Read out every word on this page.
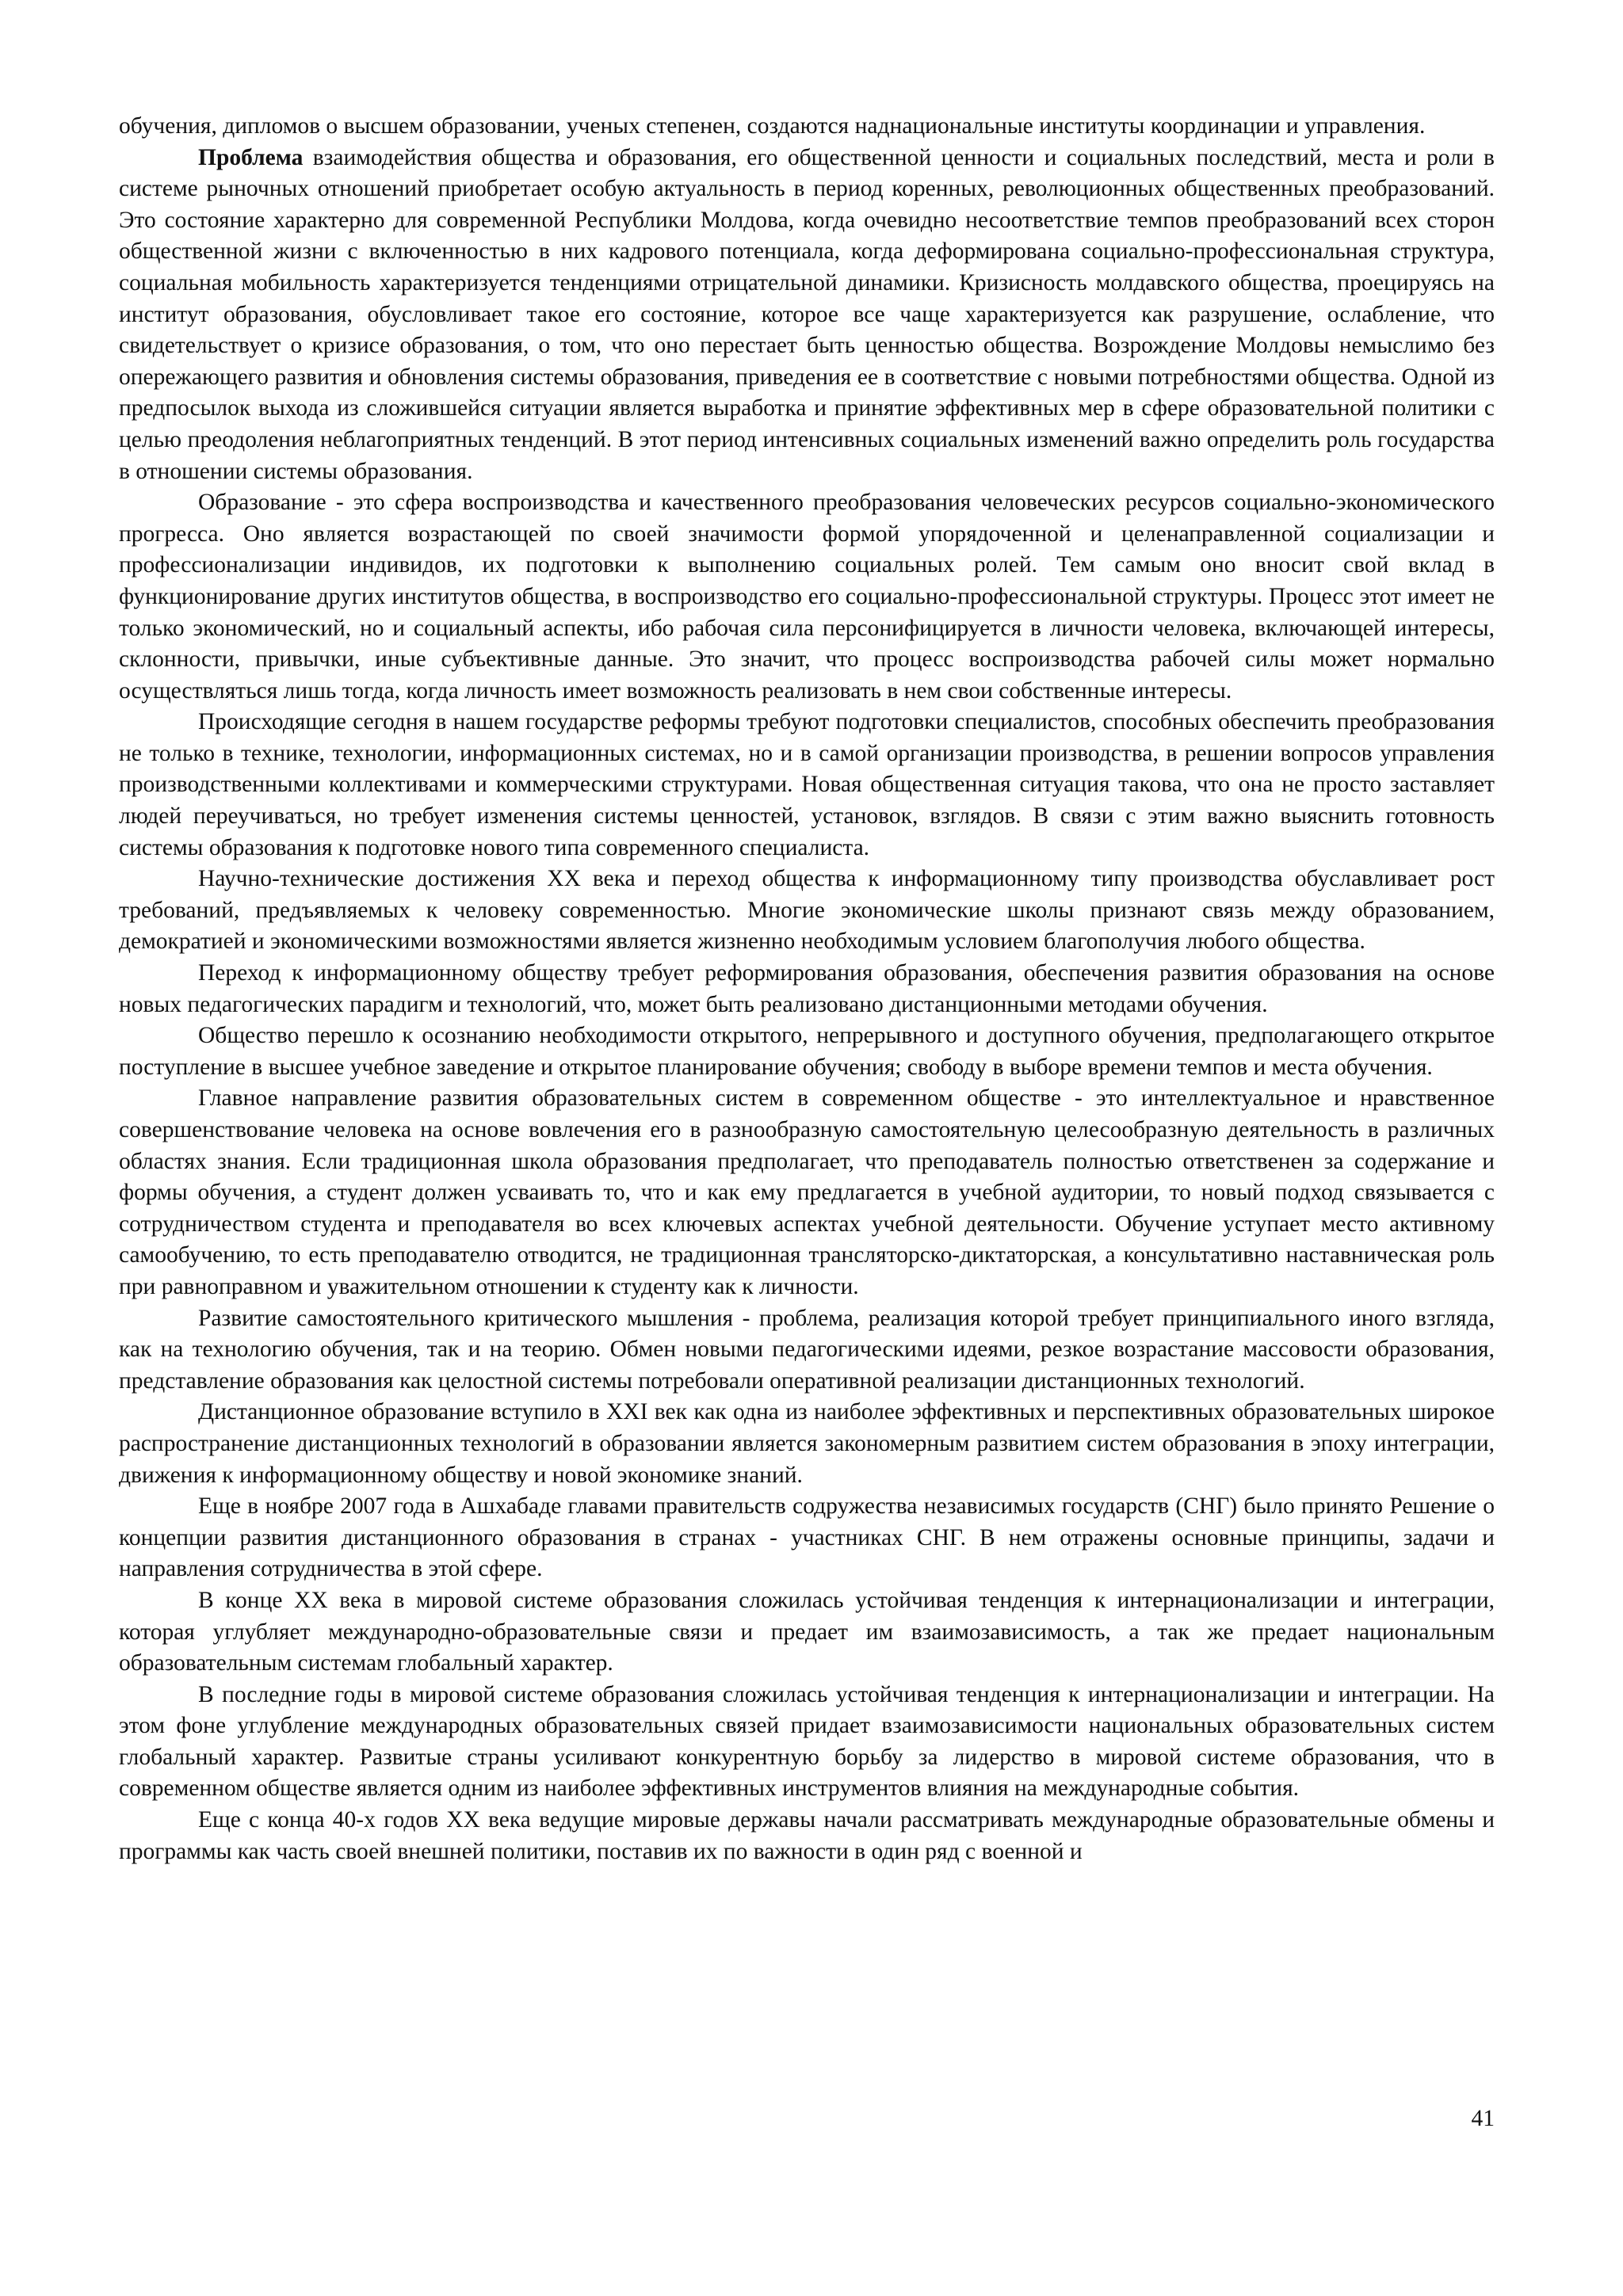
обучения, дипломов о высшем образовании, ученых степенен, создаются наднациональные институты координации и управления.

Проблема взаимодействия общества и образования, его общественной ценности и социальных последствий, места и роли в системе рыночных отношений приобретает особую актуальность в период коренных, революционных общественных преобразований. Это состояние характерно для современной Республики Молдова, когда очевидно несоответствие темпов преобразований всех сторон общественной жизни с включенностью в них кадрового потенциала, когда деформирована социально-профессиональная структура, социальная мобильность характеризуется тенденциями отрицательной динамики. Кризисность молдавского общества, проецируясь на институт образования, обусловливает такое его состояние, которое все чаще характеризуется как разрушение, ослабление, что свидетельствует о кризисе образования, о том, что оно перестает быть ценностью общества. Возрождение Молдовы немыслимо без опережающего развития и обновления системы образования, приведения ее в соответствие с новыми потребностями общества. Одной из предпосылок выхода из сложившейся ситуации является выработка и принятие эффективных мер в сфере образовательной политики с целью преодоления неблагоприятных тенденций. В этот период интенсивных социальных изменений важно определить роль государства в отношении системы образования.

Образование - это сфера воспроизводства и качественного преобразования человеческих ресурсов социально-экономического прогресса. Оно является возрастающей по своей значимости формой упорядоченной и целенаправленной социализации и профессионализации индивидов, их подготовки к выполнению социальных ролей. Тем самым оно вносит свой вклад в функционирование других институтов общества, в воспроизводство его социально-профессиональной структуры. Процесс этот имеет не только экономический, но и социальный аспекты, ибо рабочая сила персонифицируется в личности человека, включающей интересы, склонности, привычки, иные субъективные данные. Это значит, что процесс воспроизводства рабочей силы может нормально осуществляться лишь тогда, когда личность имеет возможность реализовать в нем свои собственные интересы.

Происходящие сегодня в нашем государстве реформы требуют подготовки специалистов, способных обеспечить преобразования не только в технике, технологии, информационных системах, но и в самой организации производства, в решении вопросов управления производственными коллективами и коммерческими структурами. Новая общественная ситуация такова, что она не просто заставляет людей переучиваться, но требует изменения системы ценностей, установок, взглядов. В связи с этим важно выяснить готовность системы образования к подготовке нового типа современного специалиста.

Научно-технические достижения XX века и переход общества к информационному типу производства обуславливает рост требований, предъявляемых к человеку современностью. Многие экономические школы признают связь между образованием, демократией и экономическими возможностями является жизненно необходимым условием благополучия любого общества.

Переход к информационному обществу требует реформирования образования, обеспечения развития образования на основе новых педагогических парадигм и технологий, что, может быть реализовано дистанционными методами обучения.

Общество перешло к осознанию необходимости открытого, непрерывного и доступного обучения, предполагающего открытое поступление в высшее учебное заведение и открытое планирование обучения; свободу в выборе времени темпов и места обучения.

Главное направление развития образовательных систем в современном обществе - это интеллектуальное и нравственное совершенствование человека на основе вовлечения его в разнообразную самостоятельную целесообразную деятельность в различных областях знания. Если традиционная школа образования предполагает, что преподаватель полностью ответственен за содержание и формы обучения, а студент должен усваивать то, что и как ему предлагается в учебной аудитории, то новый подход связывается с сотрудничеством студента и преподавателя во всех ключевых аспектах учебной деятельности. Обучение уступает место активному самообучению, то есть преподавателю отводится, не традиционная трансляторско-диктаторская, а консультативно наставническая роль при равноправном и уважительном отношении к студенту как к личности.

Развитие самостоятельного критического мышления - проблема, реализация которой требует принципиального иного взгляда, как на технологию обучения, так и на теорию. Обмен новыми педагогическими идеями, резкое возрастание массовости образования, представление образования как целостной системы потребовали оперативной реализации дистанционных технологий.

Дистанционное образование вступило в XXI век как одна из наиболее эффективных и перспективных образовательных широкое распространение дистанционных технологий в образовании является закономерным развитием систем образования в эпоху интеграции, движения к информационному обществу и новой экономике знаний.

Еще в ноябре 2007 года в Ашхабаде главами правительств содружества независимых государств (СНГ) было принято Решение о концепции развития дистанционного образования в странах - участниках СНГ. В нем отражены основные принципы, задачи и направления сотрудничества в этой сфере.

В конце XX века в мировой системе образования сложилась устойчивая тенденция к интернационализации и интеграции, которая углубляет международно-образовательные связи и предает им взаимозависимость, а так же предает национальным образовательным системам глобальный характер.

В последние годы в мировой системе образования сложилась устойчивая тенденция к интернационализации и интеграции. На этом фоне углубление международных образовательных связей придает взаимозависимости национальных образовательных систем глобальный характер. Развитые страны усиливают конкурентную борьбу за лидерство в мировой системе образования, что в современном обществе является одним из наиболее эффективных инструментов влияния на международные события.

Еще с конца 40-х годов XX века ведущие мировые державы начали рассматривать международные образовательные обмены и программы как часть своей внешней политики, поставив их по важности в один ряд с военной и

41
